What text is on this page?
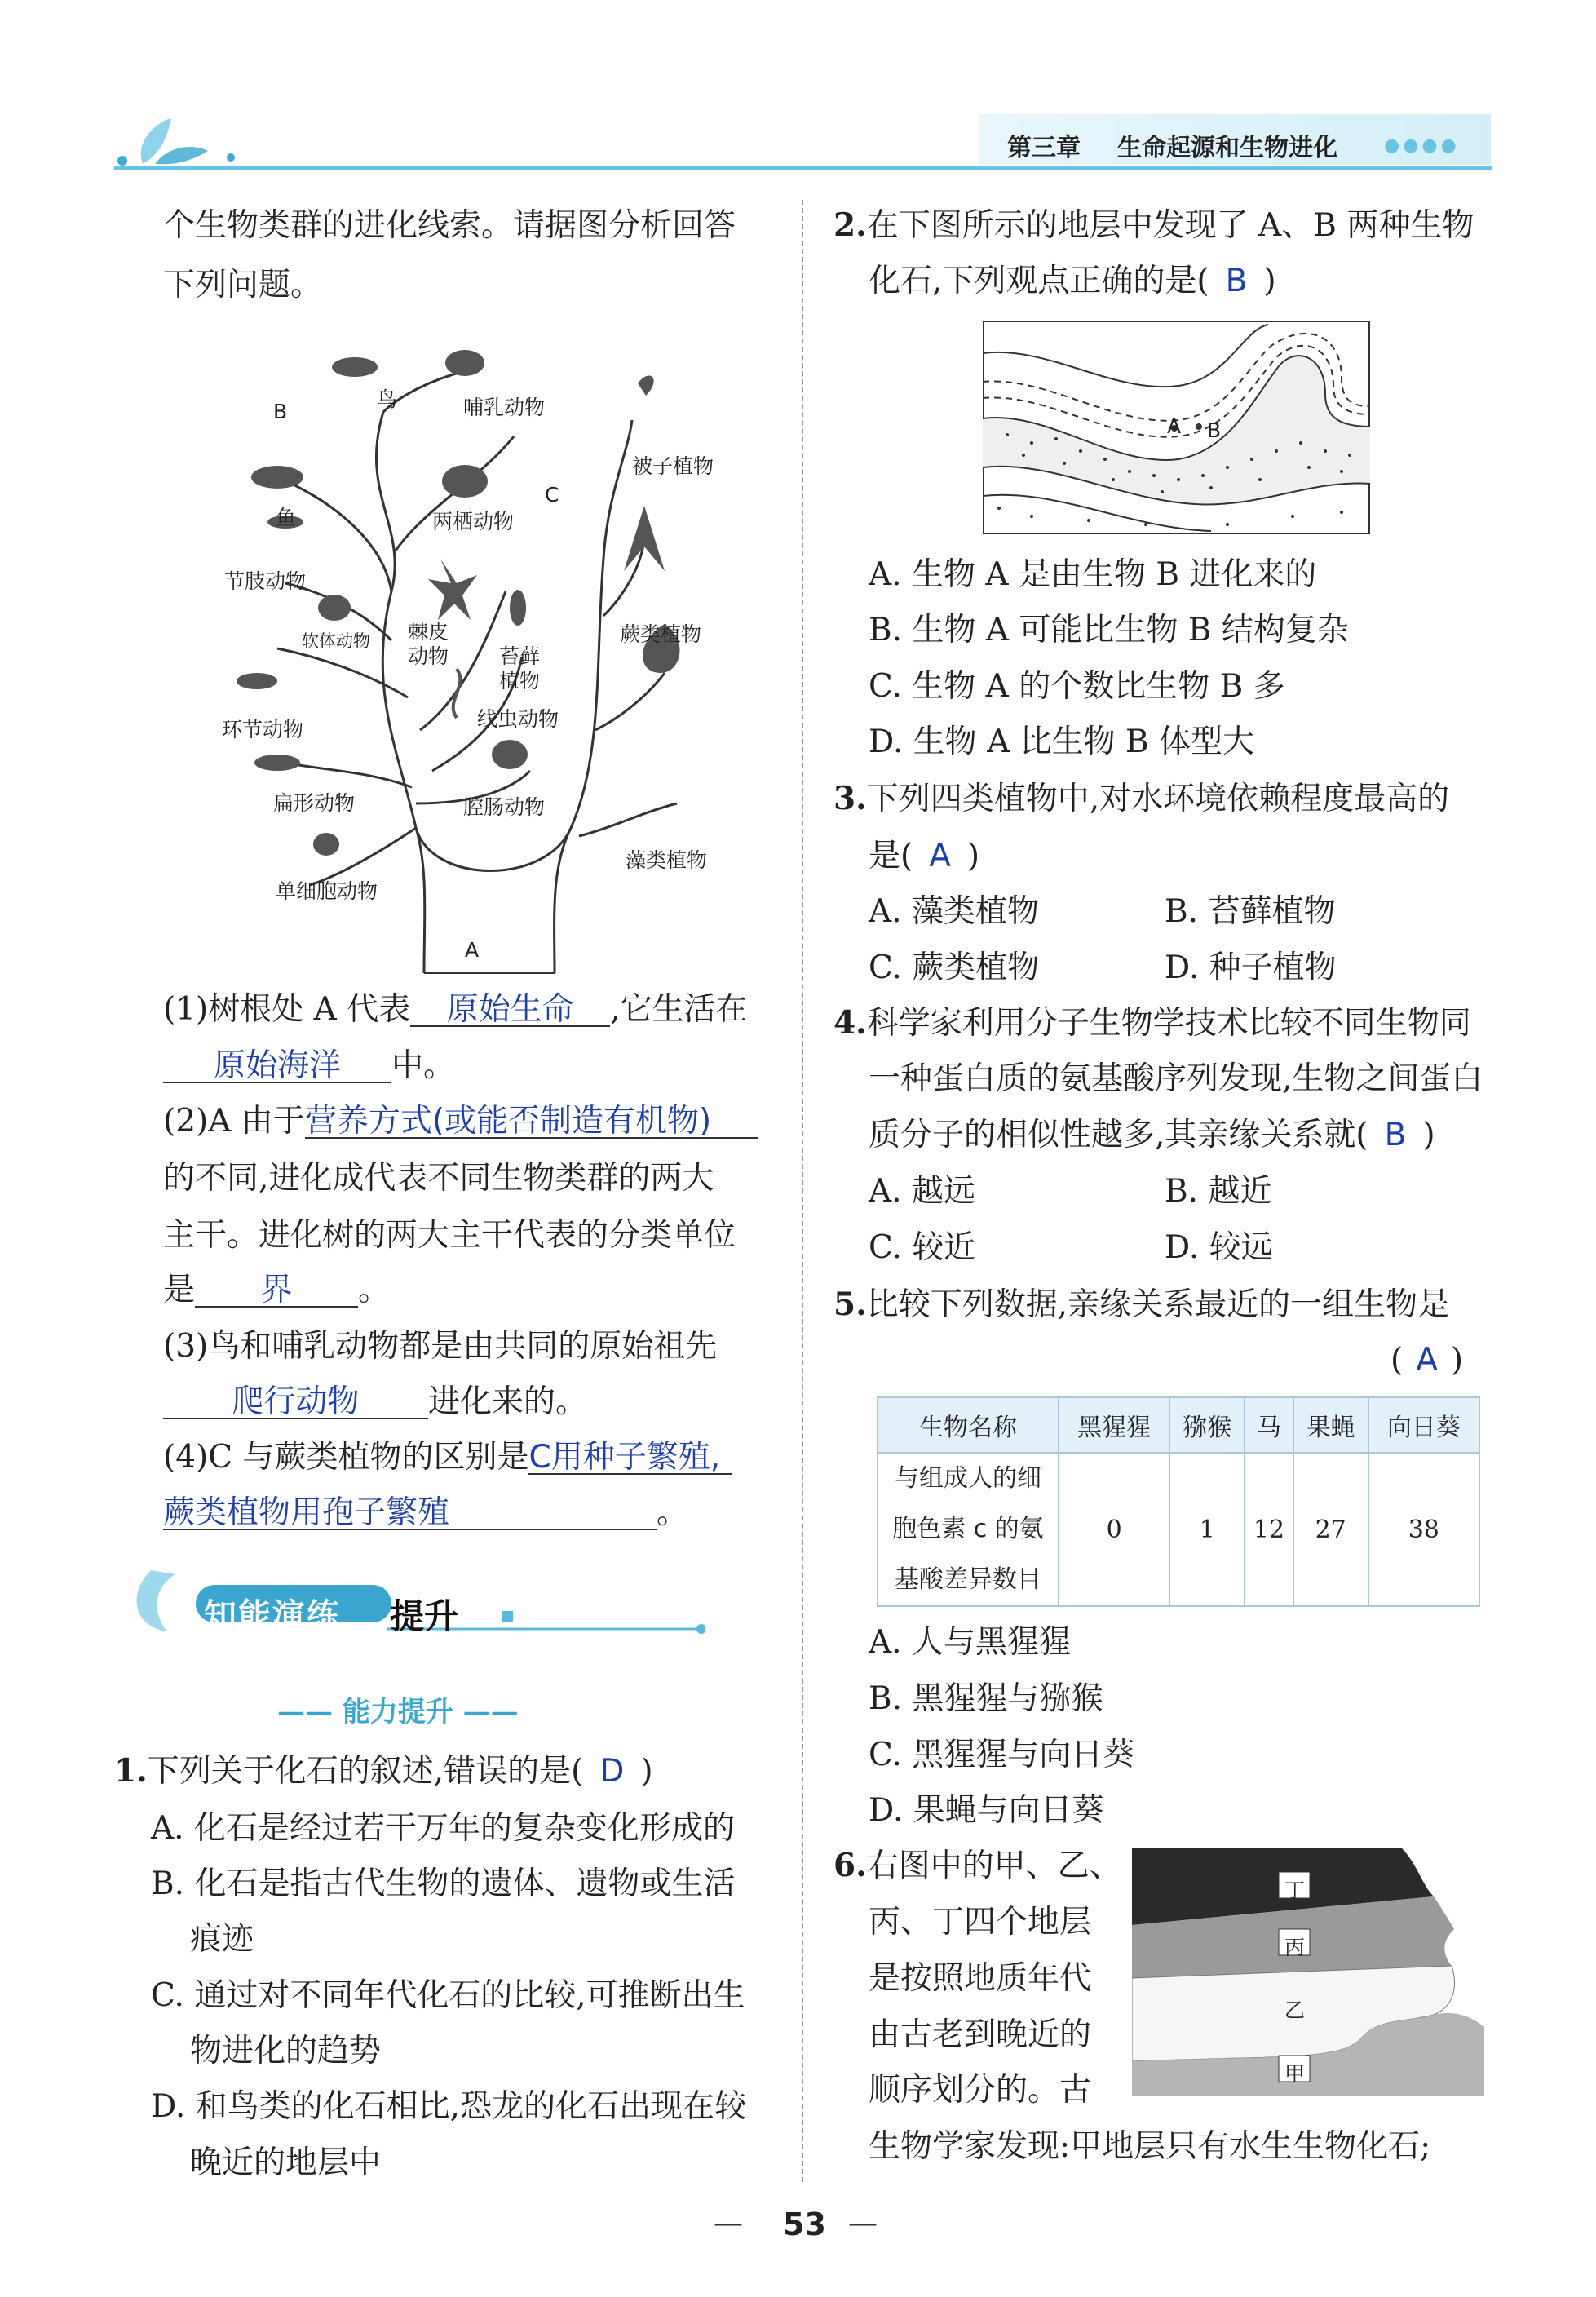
第三章 生命起源和生物进化	●●●●
个生物类群的进化线索。请据图分析回答
下列问题。
B
C
A
鸟	哺乳动物
被子植物
鱼	两栖动物
节肢动物
软体动物 棘皮
动物 苔藓
植物
蕨类植物
环节动物	线虫动物
扁形动物	腔肠动物
藻类植物
单细胞动物
(1)树根处 A 代表 原始生命 ,它生活在
原始海洋 中。
(2)A 由于营养方式(或能否制造有机物)
的不同,进化成代表不同生物类群的两大
主干。进化树的两大主干代表的分类单位
是 界 。
(3)鸟和哺乳动物都是由共同的原始祖先
爬行动物 进化来的。
(4)C 与蕨类植物的区别是C用种子繁殖,
蕨类植物用孢子繁殖	。
知能演练 提升
—— 能力提升 ——
1.下列关于化石的叙述,错误的是( D )
A. 化石是经过若干万年的复杂变化形成的
B. 化石是指古代生物的遗体、遗物或生活
痕迹
C. 通过对不同年代化石的比较,可推断出生
物进化的趋势
D. 和鸟类的化石相比,恐龙的化石出现在较
晚近的地层中
2.在下图所示的地层中发现了 A、B 两种生物
化石,下列观点正确的是( B )
A B
A. 生物 A 是由生物 B 进化来的
B. 生物 A 可能比生物 B 结构复杂
C. 生物 A 的个数比生物 B 多
D. 生物 A 比生物 B 体型大
3.下列四类植物中,对水环境依赖程度最高的
是( A )
A. 藻类植物	B. 苔藓植物
C. 蕨类植物	D. 种子植物
4.科学家利用分子生物学技术比较不同生物同
一种蛋白质的氨基酸序列发现,生物之间蛋白
质分子的相似性越多,其亲缘关系就( B )
A. 越远	B. 越近
C. 较近	D. 较远
5.比较下列数据,亲缘关系最近的一组生物是
( A )
生物名称	黑猩猩	猕猴	马	果蝇	向日葵

与组成人的细
胞色素 c 的氨
基酸差异数目	0	1	12	27	38
A. 人与黑猩猩
B. 黑猩猩与猕猴
C. 黑猩猩与向日葵
D. 果蝇与向日葵
6.右图中的甲、乙、
丙、丁四个地层
是按照地质年代
由古老到晚近的
顺序划分的。古
生物学家发现:甲地层只有水生生物化石;
丁
丙
乙
甲
— 53 —
